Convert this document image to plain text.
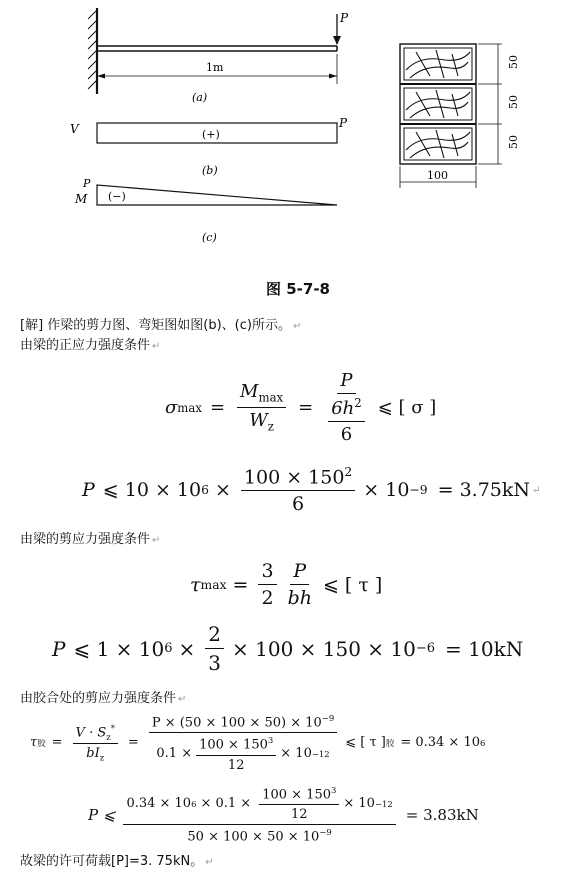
P
1m
(a)
V	(+)
P
(b)
P
M (−)
(c)
50
50
50
100
图 5-7-8
[解] 作梁的剪力图、弯矩图如图(b)、(c)所示。 ↵
由梁的正应力强度条件 ↵
σ $\max = \frac{M_{max}}{W_z} = \frac{P}{\frac{6h^2}{6}}$ ⩽ [ σ ]
P ⩽ 10 × 10 $6 \times \frac{100 \times 150^2}{6} \times 10 -9 = 3.75kN$ ↵
由梁的剪应力强度条件 ↵
τ $\max = \frac{3}{2} \frac{P}{bh}$ ⩽ [ τ ]
P ⩽ 1 × 10 $6 \times \frac{2}{3} \times 100 \times 150 \times 10 -6 = 10kN$
由胶合处的剪应力强度条件 ↵
τ 胶 = $\frac{V \cdot S_z^*}{bI_z}$ =
$P \times (50 \times 100 \times 50) \times 10^{-9}$
$0.1 \times \frac{100 \times 150^3}{12} \times 10 -12$
⩽ [ τ ] 胶 = 0.34 × 10 6
P ⩽
0.34 × 10 $6 \times 0.1 \times \frac{100 \times 150^3}{12} \times 10 -12$
$50 \times 100 \times 50 \times 10^{-9}$
= 3.83kN
故梁的许可荷载[P]=3. 75kN。 ↵
